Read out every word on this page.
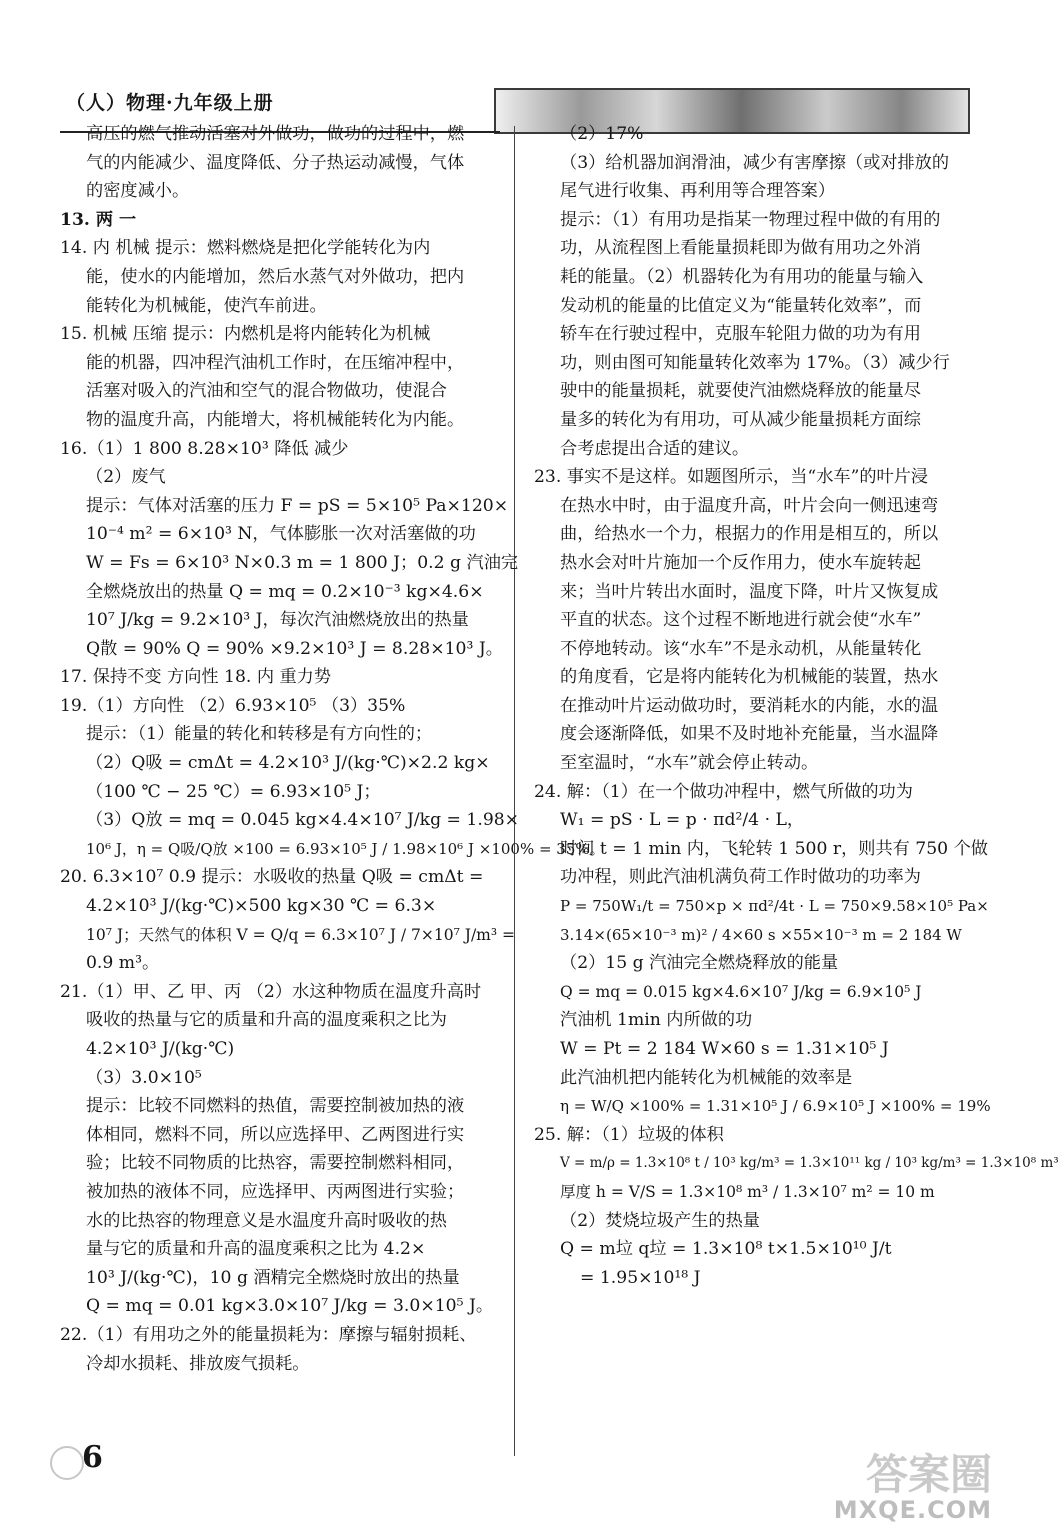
（人）物理·九年级上册
高压的燃气推动活塞对外做功，做功的过程中，燃
气的内能减少、温度降低、分子热运动减慢，气体
的密度减小。
13. 两 一
14. 内 机械 提示：燃料燃烧是把化学能转化为内
能，使水的内能增加，然后水蒸气对外做功，把内
能转化为机械能，使汽车前进。
15. 机械 压缩 提示：内燃机是将内能转化为机械
能的机器，四冲程汽油机工作时，在压缩冲程中，
活塞对吸入的汽油和空气的混合物做功，使混合
物的温度升高，内能增大，将机械能转化为内能。
16.（1）1 800 8.28×10³ 降低 减少
（2）废气
提示：气体对活塞的压力 F = pS = 5×10⁵ Pa×120×
10⁻⁴ m² = 6×10³ N，气体膨胀一次对活塞做的功
W = Fs = 6×10³ N×0.3 m = 1 800 J；0.2 g 汽油完
全燃烧放出的热量 Q = mq = 0.2×10⁻³ kg×4.6×
10⁷ J/kg = 9.2×10³ J，每次汽油燃烧放出的热量
Q散 = 90% Q = 90% ×9.2×10³ J = 8.28×10³ J。
17. 保持不变 方向性 18. 内 重力势
19.（1）方向性 （2）6.93×10⁵ （3）35%
提示：（1）能量的转化和转移是有方向性的；
（2）Q吸 = cmΔt = 4.2×10³ J/(kg·℃)×2.2 kg×
（100 ℃ − 25 ℃）= 6.93×10⁵ J；
（3）Q放 = mq = 0.045 kg×4.4×10⁷ J/kg = 1.98×
10⁶ J，η = Q吸/Q放 ×100 = 6.93×10⁵ J / 1.98×10⁶ J ×100% = 35%。
20. 6.3×10⁷ 0.9 提示：水吸收的热量 Q吸 = cmΔt =
4.2×10³ J/(kg·℃)×500 kg×30 ℃ = 6.3×
10⁷ J；天然气的体积 V = Q/q = 6.3×10⁷ J / 7×10⁷ J/m³ =
0.9 m³。
21.（1）甲、乙 甲、丙 （2）水这种物质在温度升高时
吸收的热量与它的质量和升高的温度乘积之比为
4.2×10³ J/(kg·℃)
（3）3.0×10⁵
提示：比较不同燃料的热值，需要控制被加热的液
体相同，燃料不同，所以应选择甲、乙两图进行实
验；比较不同物质的比热容，需要控制燃料相同，
被加热的液体不同，应选择甲、丙两图进行实验；
水的比热容的物理意义是水温度升高时吸收的热
量与它的质量和升高的温度乘积之比为 4.2×
10³ J/(kg·℃)，10 g 酒精完全燃烧时放出的热量
Q = mq = 0.01 kg×3.0×10⁷ J/kg = 3.0×10⁵ J。
22.（1）有用功之外的能量损耗为：摩擦与辐射损耗、
冷却水损耗、排放废气损耗。
（2）17%
（3）给机器加润滑油，减少有害摩擦（或对排放的
尾气进行收集、再利用等合理答案）
提示：（1）有用功是指某一物理过程中做的有用的
功，从流程图上看能量损耗即为做有用功之外消
耗的能量。（2）机器转化为有用功的能量与输入
发动机的能量的比值定义为“能量转化效率”，而
轿车在行驶过程中，克服车轮阻力做的功为有用
功，则由图可知能量转化效率为 17%。（3）减少行
驶中的能量损耗，就要使汽油燃烧释放的能量尽
量多的转化为有用功，可从减少能量损耗方面综
合考虑提出合适的建议。
23. 事实不是这样。如题图所示，当“水车”的叶片浸
在热水中时，由于温度升高，叶片会向一侧迅速弯
曲，给热水一个力，根据力的作用是相互的，所以
热水会对叶片施加一个反作用力，使水车旋转起
来；当叶片转出水面时，温度下降，叶片又恢复成
平直的状态。这个过程不断地进行就会使“水车”
不停地转动。该“水车”不是永动机，从能量转化
的角度看，它是将内能转化为机械能的装置，热水
在推动叶片运动做功时，要消耗水的内能，水的温
度会逐渐降低，如果不及时地补充能量，当水温降
至室温时，“水车”就会停止转动。
24. 解：（1）在一个做功冲程中，燃气所做的功为
W₁ = pS · L = p · πd²/4 · L，
时间 t = 1 min 内，飞轮转 1 500 r，则共有 750 个做
功冲程，则此汽油机满负荷工作时做功的功率为
P = 750W₁/t = 750×p × πd²/4t · L = 750×9.58×10⁵ Pa×
3.14×(65×10⁻³ m)² / 4×60 s ×55×10⁻³ m = 2 184 W
（2）15 g 汽油完全燃烧释放的能量
Q = mq = 0.015 kg×4.6×10⁷ J/kg = 6.9×10⁵ J
汽油机 1min 内所做的功
W = Pt = 2 184 W×60 s = 1.31×10⁵ J
此汽油机把内能转化为机械能的效率是
η = W/Q ×100% = 1.31×10⁵ J / 6.9×10⁵ J ×100% = 19%
25. 解：（1）垃圾的体积
V = m/ρ = 1.3×10⁸ t / 10³ kg/m³ = 1.3×10¹¹ kg / 10³ kg/m³ = 1.3×10⁸ m³
厚度 h = V/S = 1.3×10⁸ m³ / 1.3×10⁷ m² = 10 m
（2）焚烧垃圾产生的热量
Q = m垃 q垃 = 1.3×10⁸ t×1.5×10¹⁰ J/t
= 1.95×10¹⁸ J
6	答案圈
MXQE.COM
